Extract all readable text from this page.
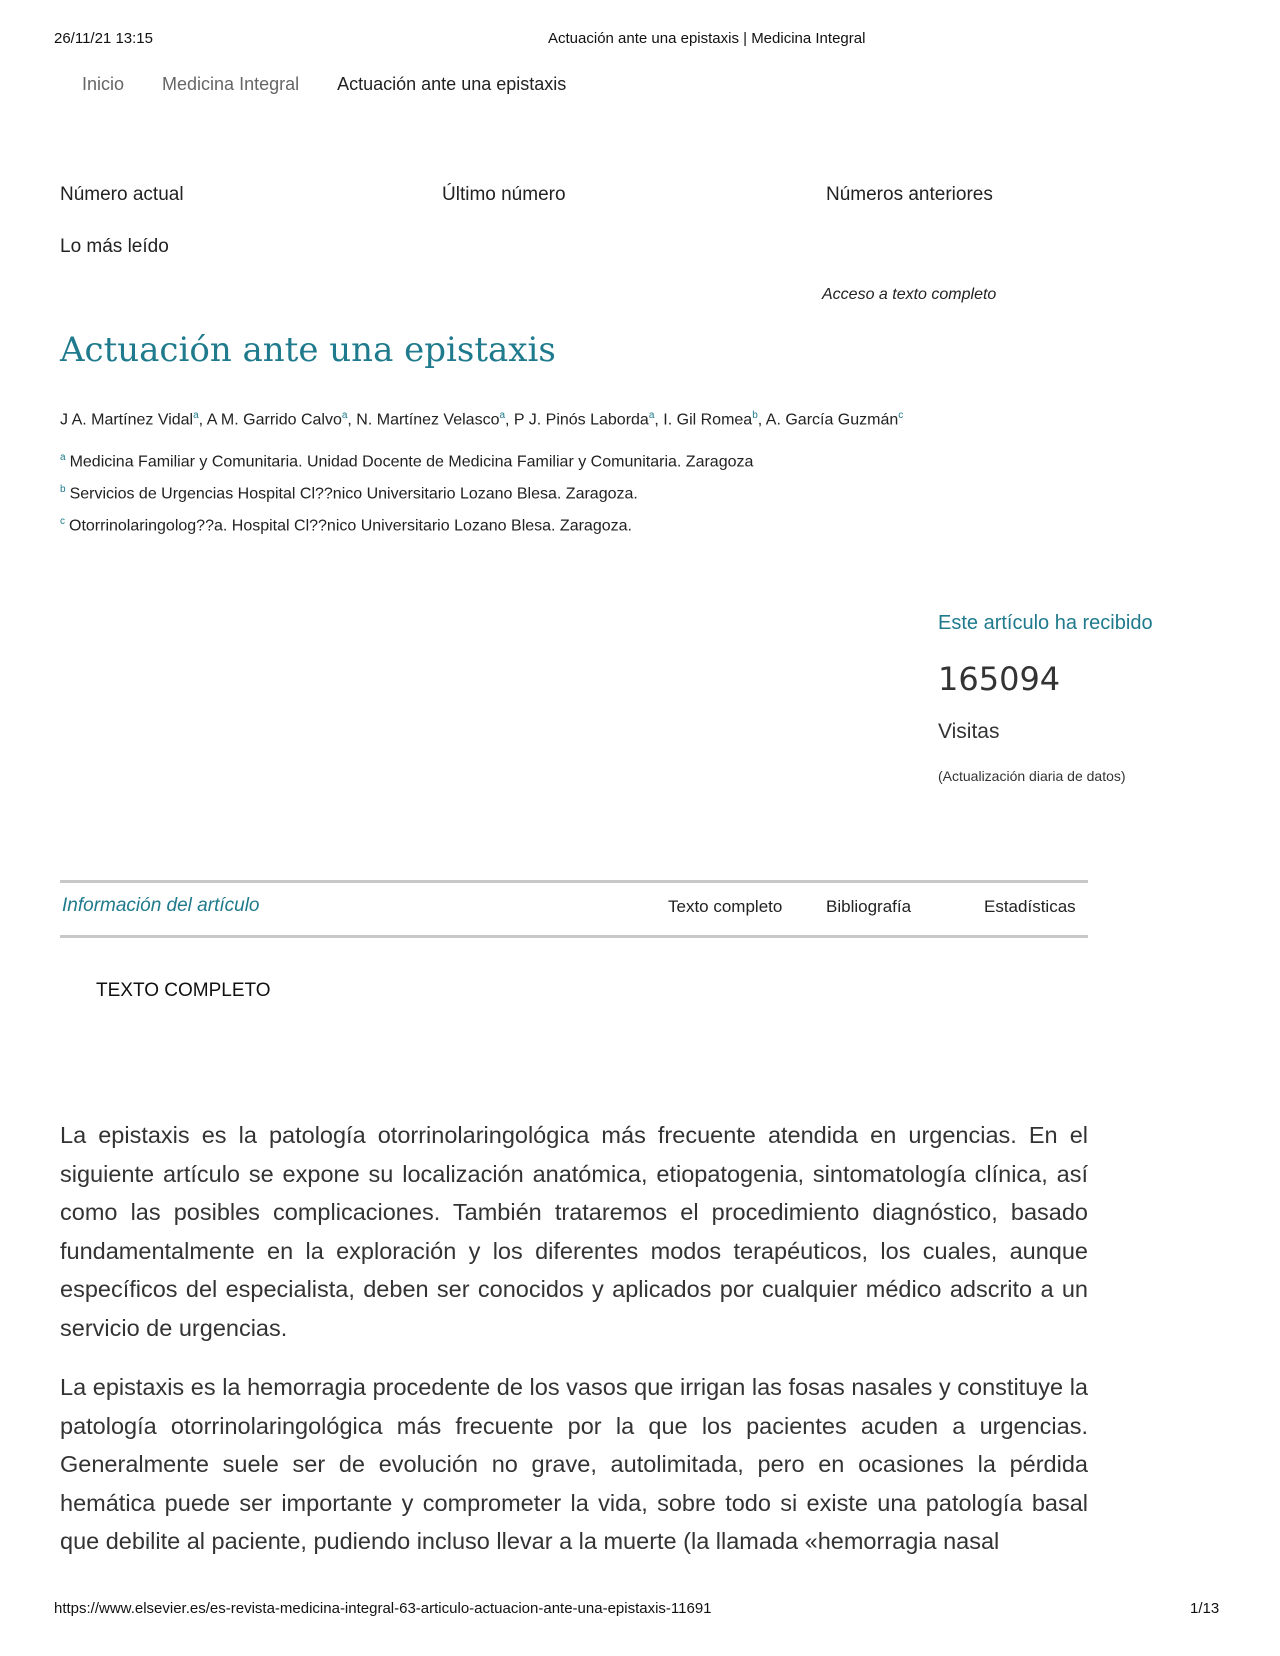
26/11/21 13:15	Actuación ante una epistaxis | Medicina Integral
Inicio Medicina Integral Actuación ante una epistaxis
Número actual	Último número	Números anteriores
Lo más leído
Acceso a texto completo
Actuación ante una epistaxis
J A. Martínez Vidal$^a$, A M. Garrido Calvo$^a$, N. Martínez Velasco$^a$, P J. Pinós Laborda$^a$, I. Gil Romea$^b$, A. García Guzmán$^c$
$^a$ Medicina Familiar y Comunitaria. Unidad Docente de Medicina Familiar y Comunitaria. Zaragoza
$^b$ Servicios de Urgencias Hospital Cl??nico Universitario Lozano Blesa. Zaragoza.
$^c$ Otorrinolaringolog??a. Hospital Cl??nico Universitario Lozano Blesa. Zaragoza.
Este artículo ha recibido
165094
Visitas
(Actualización diaria de datos)
Información del artículo	Texto completo	Bibliografía	Estadísticas
TEXTO COMPLETO

La epistaxis es la patología otorrinolaringológica más frecuente atendida en urgencias. En el siguiente artículo se expone su localización anatómica, etiopatogenia, sintomatología clínica, así como las posibles complicaciones. También trataremos el procedimiento diagnóstico, basado fundamentalmente en la exploración y los diferentes modos terapéuticos, los cuales, aunque específicos del especialista, deben ser conocidos y aplicados por cualquier médico adscrito a un servicio de urgencias.

La epistaxis es la hemorragia procedente de los vasos que irrigan las fosas nasales y constituye la patología otorrinolaringológica más frecuente por la que los pacientes acuden a urgencias. Generalmente suele ser de evolución no grave, autolimitada, pero en ocasiones la pérdida hemática puede ser importante y comprometer la vida, sobre todo si existe una patología basal que debilite al paciente, pudiendo incluso llevar a la muerte (la llamada «hemorragia nasal

https://www.elsevier.es/es-revista-medicina-integral-63-articulo-actuacion-ante-una-epistaxis-11691	1/13
